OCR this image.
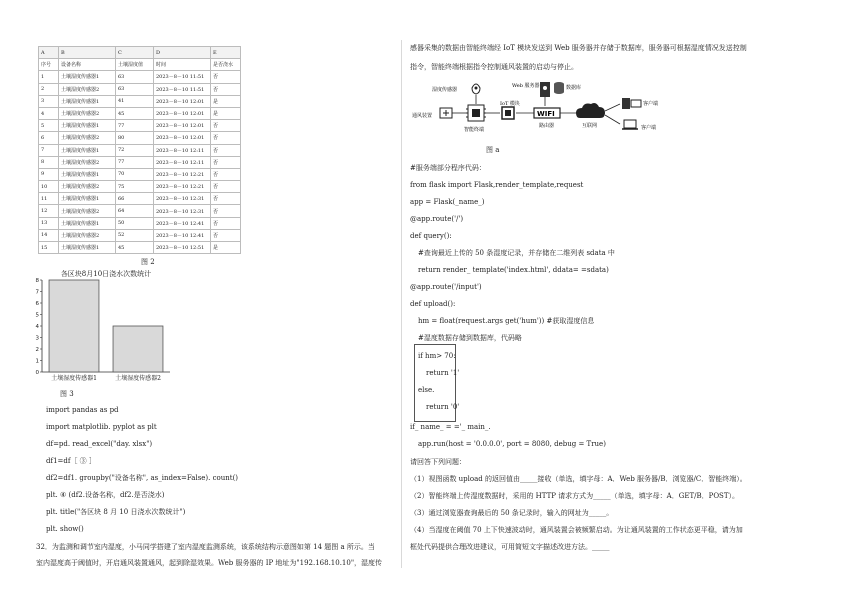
A	B	C	D	E
序号	设备名称	土壤湿度值	时间	是否浇水
1	土壤湿度传感器1	63	2023－8－10 11:51	否
2	土壤湿度传感器2	63	2023－8－10 11:51	否
3	土壤湿度传感器1	41	2023－8－10 12:01	是
4	土壤湿度传感器2	45	2023－8－10 12:01	是
5	土壤湿度传感器1	77	2023－8－10 12:01	否
6	土壤湿度传感器2	80	2023－8－10 12:01	否
7	土壤湿度传感器1	72	2023－8－10 12:11	否
8	土壤湿度传感器2	77	2023－8－10 12:11	否
9	土壤湿度传感器1	70	2023－8－10 12:21	否
10	土壤湿度传感器2	75	2023－8－10 12:21	否
11	土壤湿度传感器1	66	2023－8－10 12:31	否
12	土壤湿度传感器2	64	2023－8－10 12:31	否
13	土壤湿度传感器1	50	2023－8－10 12:41	否
14	土壤湿度传感器2	52	2023－8－10 12:41	否
15	土壤湿度传感器1	45	2023－8－10 12:51	是
图 2
各区块8月10日浇水次数统计
0
1
2
3
4
5
6
7
8
土壤湿度传感器1	土壤湿度传感器2
图 3
import pandas as pd
import matplotlib. pyplot as plt
df=pd. read_excel("day. xlsx")
df1=df［ ③ ］
df2=df1. groupby("设备名称", as_index=False). count()
plt. ④ (df2.设备名称，df2.是否浇水)
plt. title("各区块 8 月 10 日浇水次数统计")
plt. show()
32．为监测和调节室内湿度，小马同学搭建了室内湿度监测系统，该系统结构示意图如第 14 题图 a 所示。当
室内湿度高于阈值时，开启通风装置通风，起到除湿效果。Web 服务器的 IP 地址为"192.168.10.10"，湿度传
感器采集的数据由智能终端经 IoT 模块发送到 Web 服务器并存储于数据库，服务器可根据湿度情况发送控制
指令，智能终端根据指令控制通风装置的启动与停止。
湿度传感器
通风装置
智能终端
IoT 模块
Web 服务器	数据库
WIFI
路由器	互联网
客户端
客户端
图 a
#服务端部分程序代码：
from flask import Flask,render_template,request
app = Flask(_name_)
@app.route('/')
def query():
#查询最近上传的 50 条湿度记录，并存储在二维列表 sdata 中
return render_ template('index.html', ddata= =sdata)
@app.route('/input')
def upload():
hm = float(request.args get('hum')) #获取湿度信息
#湿度数据存储到数据库，代码略
if hm> 70:
return '1'
else.
return '0'
if_ name_ = ='_ main_.
app.run(host = '0.0.0.0', port = 8080, debug = True)
请回答下列问题：
（1）视图函数 upload 的返回值由_____接收（单选，填字母：A．Web 服务器/B．浏览器/C．智能终端）。
（2）智能终端上传湿度数据时，采用的 HTTP 请求方式为_____（单选，填字母：A．GET/B．POST）。
（3）通过浏览器查询最后的 50 条记录时，输入的网址为_____。
（4）当湿度在阈值 70 上下快速波动时，通风装置会被频繁启动。为让通风装置的工作状态更平稳，请为加
框处代码提供合理改进建议，可用简短文字描述改进方法。_____
